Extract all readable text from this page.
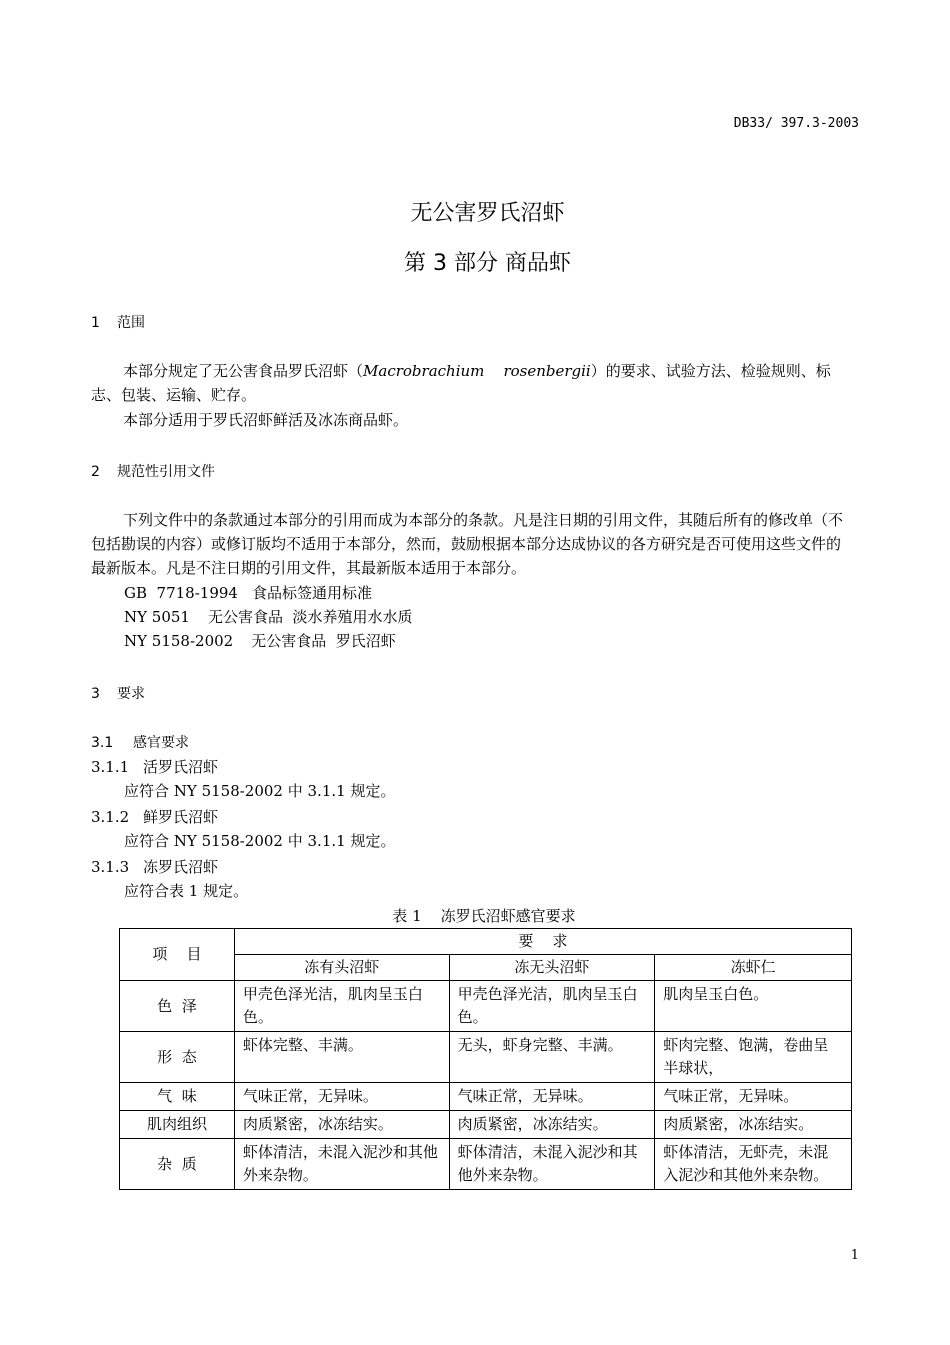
DB33/ 397.3-2003
无公害罗氏沼虾
第 3 部分 商品虾
1 范围
本部分规定了无公害食品罗氏沼虾（Macrobrachium    rosenbergii）的要求、试验方法、检验规则、标志、包装、运输、贮存。
本部分适用于罗氏沼虾鲜活及冰冻商品虾。
2 规范性引用文件
下列文件中的条款通过本部分的引用而成为本部分的条款。凡是注日期的引用文件，其随后所有的修改单（不包括勘误的内容）或修订版均不适用于本部分，然而，鼓励根据本部分达成协议的各方研究是否可使用这些文件的最新版本。凡是不注日期的引用文件，其最新版本适用于本部分。
GB  7718-1994 食品标签通用标准
NY 5051 无公害食品  淡水养殖用水水质
NY 5158-2002 无公害食品  罗氏沼虾
3 要求
3.1 感官要求
3.1.1 活罗氏沼虾
应符合 NY 5158-2002 中 3.1.1 规定。
3.1.2 鲜罗氏沼虾
应符合 NY 5158-2002 中 3.1.1 规定。
3.1.3 冻罗氏沼虾
应符合表 1 规定。
表 1    冻罗氏沼虾感官要求
项    目	要    求		
	冻有头沼虾	冻无头沼虾	冻虾仁
色  泽	甲壳色泽光洁，肌肉呈玉白色。	甲壳色泽光洁，肌肉呈玉白色。	肌肉呈玉白色。
形  态	虾体完整、丰满。	无头，虾身完整、丰满。	虾肉完整、饱满，卷曲呈半球状，
气  味	气味正常，无异味。	气味正常，无异味。	气味正常，无异味。
肌肉组织	肉质紧密，冰冻结实。	肉质紧密，冰冻结实。	肉质紧密，冰冻结实。
杂  质	虾体清洁，未混入泥沙和其他外来杂物。	虾体清洁，未混入泥沙和其他外来杂物。	虾体清洁，无虾壳，未混入泥沙和其他外来杂物。
1
